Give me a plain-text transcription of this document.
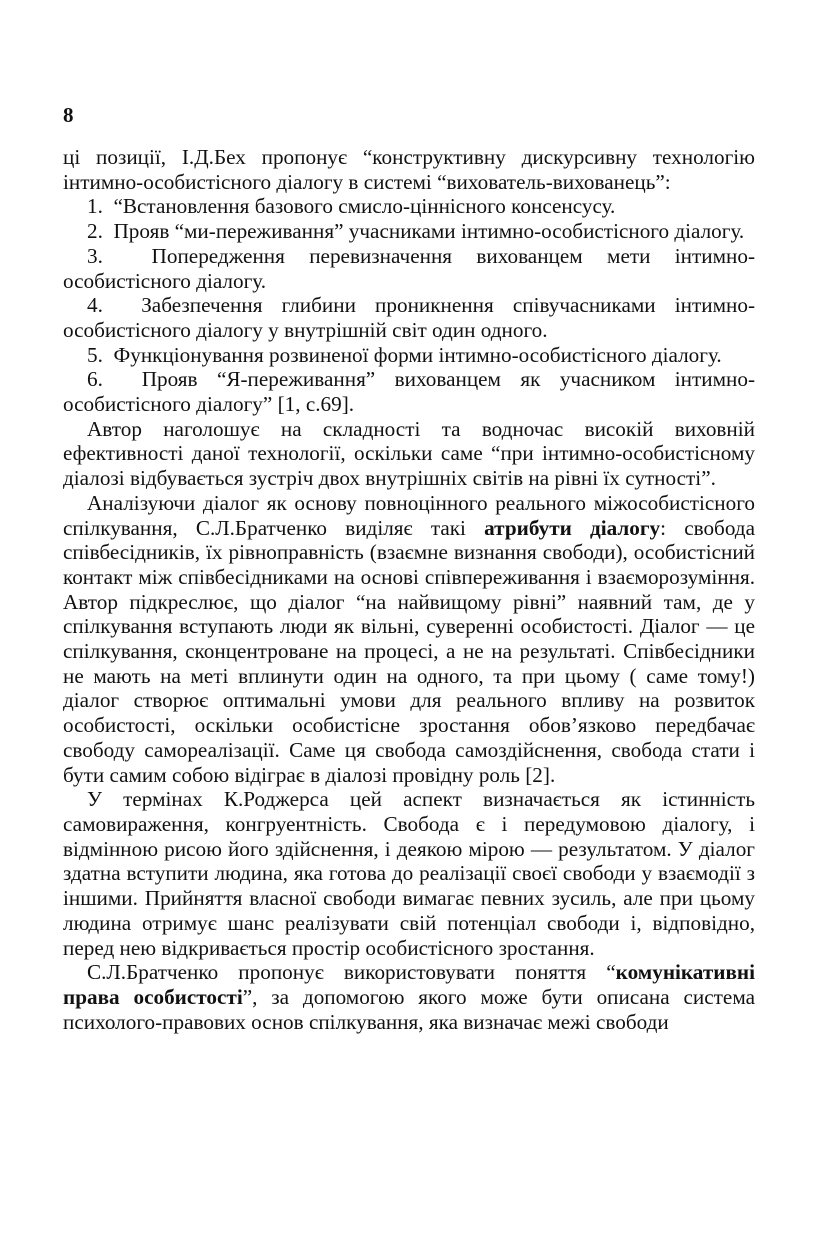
8

ці позиції, І.Д.Бех пропонує “конструктивну дискурсивну технологію інтимно-особистісного діалогу в системі “вихователь-вихованець”:

1.  “Встановлення базового смисло-ціннісного консенсусу.

2.  Прояв “ми-переживання” учасниками інтимно-особистісного діалогу.

3.  Попередження перевизначення вихованцем мети інтимно-особистісного діалогу.

4.  Забезпечення глибини проникнення співучасниками інтимно-особистісного діалогу у внутрішній світ один одного.

5.  Функціонування розвиненої форми інтимно-особистісного діалогу.

6.  Прояв “Я-переживання” вихованцем як учасником інтимно-особистісного діалогу” [1, с.69].

Автор наголошує на складності та водночас високій виховній ефективності даної технології, оскільки саме “при інтимно-особистісному діалозі відбувається зустріч двох внутрішніх світів на рівні їх сутності”.

Аналізуючи діалог як основу повноцінного реального міжособистісного спілкування, С.Л.Братченко виділяє такі атрибути діалогу: свобода співбесідників, їх рівноправність (взаємне визнання свободи), особистісний контакт між співбесідниками на основі співпереживання і взаєморозуміння. Автор підкреслює, що діалог “на найвищому рівні” наявний там, де у спілкування вступають люди як вільні, суверенні особистості. Діалог — це спілкування, сконцентроване на процесі, а не на результаті. Співбесідники не мають на меті вплинути один на одного, та при цьому ( саме тому!) діалог створює оптимальні умови для реального впливу на розвиток особистості, оскільки особистісне зростання обов’язково передбачає свободу самореалізації. Саме ця свобода самоздійснення, свобода стати і бути самим собою відіграє в діалозі провідну роль [2].

У термінах К.Роджерса цей аспект визначається як істинність самовираження, конгруентність. Свобода є і передумовою діалогу, і відмінною рисою його здійснення, і деякою мірою — результатом. У діалог здатна вступити людина, яка готова до реалізації своєї свободи у взаємодії з іншими. Прийняття власної свободи вимагає певних зусиль, але при цьому людина отримує шанс реалізувати свій потенціал свободи і, відповідно, перед нею відкривається простір особистісного зростання.

С.Л.Братченко пропонує використовувати поняття “комунікативні права особистості”, за допомогою якого може бути описана система психолого-правових основ спілкування, яка визначає межі свободи
